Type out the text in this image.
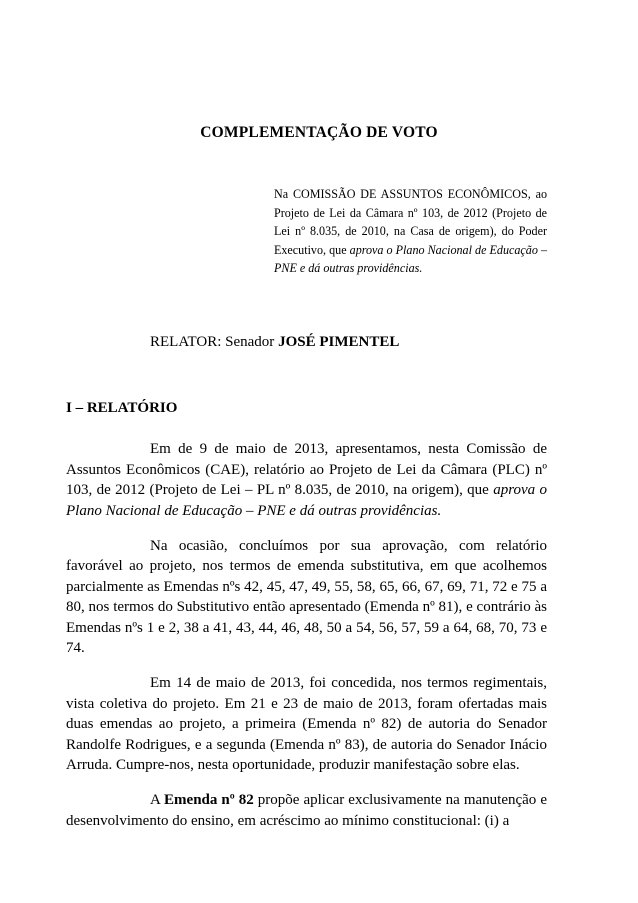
COMPLEMENTAÇÃO DE VOTO
Na COMISSÃO DE ASSUNTOS ECONÔMICOS, ao Projeto de Lei da Câmara nº 103, de 2012 (Projeto de Lei nº 8.035, de 2010, na Casa de origem), do Poder Executivo, que aprova o Plano Nacional de Educação – PNE e dá outras providências.
RELATOR: Senador JOSÉ PIMENTEL
I – RELATÓRIO

Em de 9 de maio de 2013, apresentamos, nesta Comissão de Assuntos Econômicos (CAE), relatório ao Projeto de Lei da Câmara (PLC) nº 103, de 2012 (Projeto de Lei – PL nº 8.035, de 2010, na origem), que aprova o Plano Nacional de Educação – PNE e dá outras providências.

Na ocasião, concluímos por sua aprovação, com relatório favorável ao projeto, nos termos de emenda substitutiva, em que acolhemos parcialmente as Emendas nºs 42, 45, 47, 49, 55, 58, 65, 66, 67, 69, 71, 72 e 75 a 80, nos termos do Substitutivo então apresentado (Emenda nº 81), e contrário às Emendas nºs 1 e 2, 38 a 41, 43, 44, 46, 48, 50 a 54, 56, 57, 59 a 64, 68, 70, 73 e 74.

Em 14 de maio de 2013, foi concedida, nos termos regimentais, vista coletiva do projeto. Em 21 e 23 de maio de 2013, foram ofertadas mais duas emendas ao projeto, a primeira (Emenda nº 82) de autoria do Senador Randolfe Rodrigues, e a segunda (Emenda nº 83), de autoria do Senador Inácio Arruda. Cumpre-nos, nesta oportunidade, produzir manifestação sobre elas.

A Emenda nº 82 propõe aplicar exclusivamente na manutenção e desenvolvimento do ensino, em acréscimo ao mínimo constitucional: (i) a
